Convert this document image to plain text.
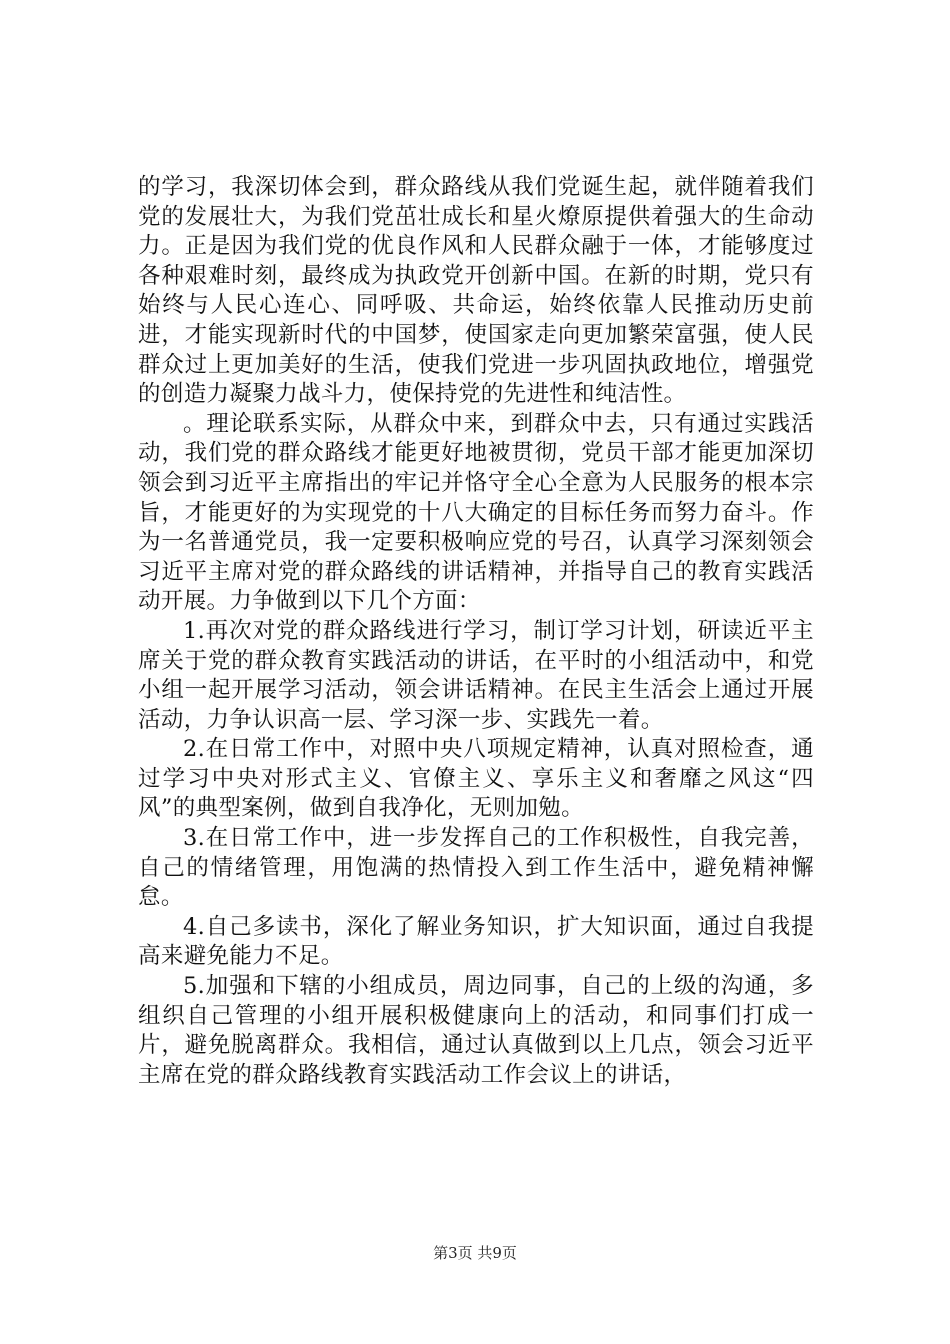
的学习，我深切体会到，群众路线从我们党诞生起，就伴随着我们党的发展壮大，为我们党茁壮成长和星火燎原提供着强大的生命动力。正是因为我们党的优良作风和人民群众融于一体，才能够度过各种艰难时刻，最终成为执政党开创新中国。在新的时期，党只有始终与人民心连心、同呼吸、共命运，始终依靠人民推动历史前进，才能实现新时代的中国梦，使国家走向更加繁荣富强，使人民群众过上更加美好的生活，使我们党进一步巩固执政地位，增强党的创造力凝聚力战斗力，使保持党的先进性和纯洁性。

。理论联系实际，从群众中来，到群众中去，只有通过实践活动，我们党的群众路线才能更好地被贯彻，党员干部才能更加深切领会到习近平主席指出的牢记并恪守全心全意为人民服务的根本宗旨，才能更好的为实现党的十八大确定的目标任务而努力奋斗。作为一名普通党员，我一定要积极响应党的号召，认真学习深刻领会习近平主席对党的群众路线的讲话精神，并指导自己的教育实践活动开展。力争做到以下几个方面：

1.再次对党的群众路线进行学习，制订学习计划，研读近平主席关于党的群众教育实践活动的讲话，在平时的小组活动中，和党小组一起开展学习活动，领会讲话精神。在民主生活会上通过开展活动，力争认识高一层、学习深一步、实践先一着。

2.在日常工作中，对照中央八项规定精神，认真对照检查，通过学习中央对形式主义、官僚主义、享乐主义和奢靡之风这“四风”的典型案例，做到自我净化，无则加勉。

3.在日常工作中，进一步发挥自己的工作积极性，自我完善，自己的情绪管理，用饱满的热情投入到工作生活中，避免精神懈怠。

4.自己多读书，深化了解业务知识，扩大知识面，通过自我提高来避免能力不足。

5.加强和下辖的小组成员，周边同事，自己的上级的沟通，多组织自己管理的小组开展积极健康向上的活动，和同事们打成一片，避免脱离群众。我相信，通过认真做到以上几点，领会习近平主席在党的群众路线教育实践活动工作会议上的讲话，

第3页 共9页
